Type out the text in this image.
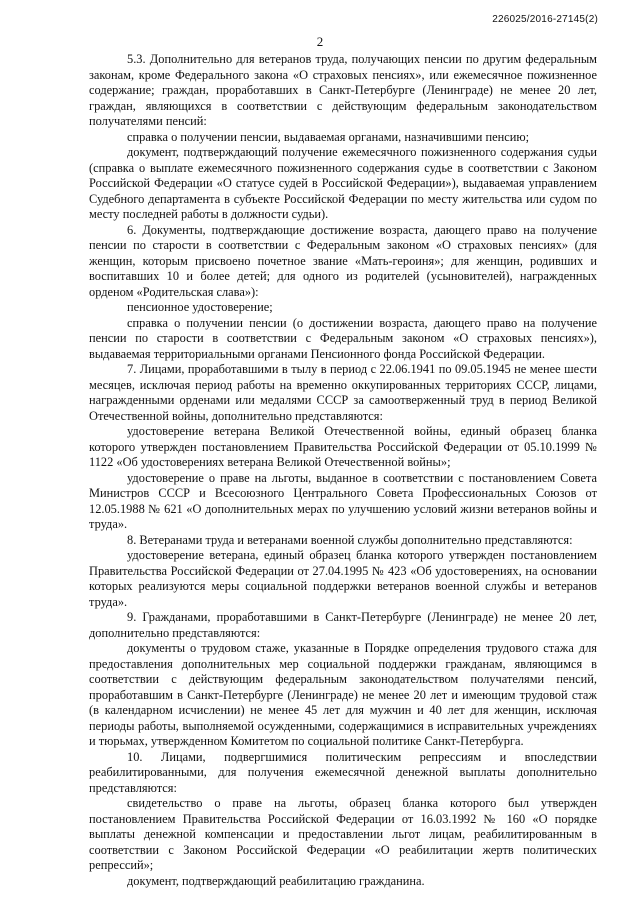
226025/2016-27145(2)
2

5.3. Дополнительно для ветеранов труда, получающих пенсии по другим федеральным законам, кроме Федерального закона «О страховых пенсиях», или ежемесячное пожизненное содержание; граждан, проработавших в Санкт-Петербурге (Ленинграде) не менее 20 лет, граждан, являющихся в соответствии с действующим федеральным законодательством получателями пенсий:

справка о получении пенсии, выдаваемая органами, назначившими пенсию;

документ, подтверждающий получение ежемесячного пожизненного содержания судьи (справка о выплате ежемесячного пожизненного содержания судье в соответствии с Законом Российской Федерации «О статусе судей в Российской Федерации»), выдаваемая управлением Судебного департамента в субъекте Российской Федерации по месту жительства или судом по месту последней работы в должности судьи).

6. Документы, подтверждающие достижение возраста, дающего право на получение пенсии по старости в соответствии с Федеральным законом «О страховых пенсиях» (для женщин, которым присвоено почетное звание «Мать-героиня»; для женщин, родивших и воспитавших 10 и более детей; для одного из родителей (усыновителей), награжденных орденом «Родительская слава»):

пенсионное удостоверение;

справка о получении пенсии (о достижении возраста, дающего право на получение пенсии по старости в соответствии с Федеральным законом «О страховых пенсиях»), выдаваемая территориальными органами Пенсионного фонда Российской Федерации.

7. Лицами, проработавшими в тылу в период с 22.06.1941 по 09.05.1945 не менее шести месяцев, исключая период работы на временно оккупированных территориях СССР, лицами, награжденными орденами или медалями СССР за самоотверженный труд в период Великой Отечественной войны, дополнительно представляются:

удостоверение ветерана Великой Отечественной войны, единый образец бланка которого утвержден постановлением Правительства Российской Федерации от 05.10.1999 № 1122 «Об удостоверениях ветерана Великой Отечественной войны»;

удостоверение о праве на льготы, выданное в соответствии с постановлением Совета Министров СССР и Всесоюзного Центрального Совета Профессиональных Союзов от 12.05.1988 № 621 «О дополнительных мерах по улучшению условий жизни ветеранов войны и труда».

8. Ветеранами труда и ветеранами военной службы дополнительно представляются:

удостоверение ветерана, единый образец бланка которого утвержден постановлением Правительства Российской Федерации от 27.04.1995 № 423 «Об удостоверениях, на основании которых реализуются меры социальной поддержки ветеранов военной службы и ветеранов труда».

9. Гражданами, проработавшими в Санкт-Петербурге (Ленинграде) не менее 20 лет, дополнительно представляются:

документы о трудовом стаже, указанные в Порядке определения трудового стажа для предоставления дополнительных мер социальной поддержки гражданам, являющимся в соответствии с действующим федеральным законодательством получателями пенсий, проработавшим в Санкт-Петербурге (Ленинграде) не менее 20 лет и имеющим трудовой стаж (в календарном исчислении) не менее 45 лет для мужчин и 40 лет для женщин, исключая периоды работы, выполняемой осужденными, содержащимися в исправительных учреждениях и тюрьмах, утвержденном Комитетом по социальной политике Санкт-Петербурга.

10. Лицами, подвергшимися политическим репрессиям и впоследствии реабилитированными, для получения ежемесячной денежной выплаты дополнительно представляются:

свидетельство о праве на льготы, образец бланка которого был утвержден постановлением Правительства Российской Федерации от 16.03.1992 № 160 «О порядке выплаты денежной компенсации и предоставлении льгот лицам, реабилитированным в соответствии с Законом Российской Федерации «О реабилитации жертв политических репрессий»;

документ, подтверждающий реабилитацию гражданина.
